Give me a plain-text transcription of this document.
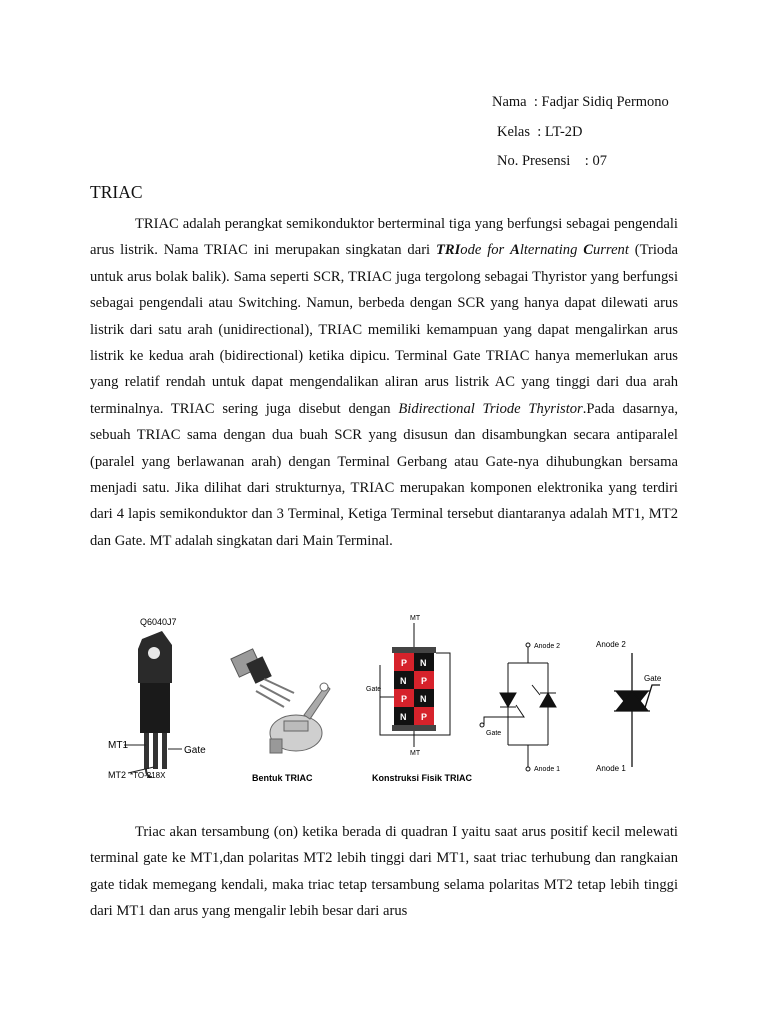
Nama  : Fadjar Sidiq Permono
Kelas  : LT-2D
No. Presensi    : 07
TRIAC
TRIAC adalah perangkat semikonduktor berterminal tiga yang berfungsi sebagai pengendali arus listrik. Nama TRIAC ini merupakan singkatan dari TRIode for Alternating Current (Trioda untuk arus bolak balik). Sama seperti SCR, TRIAC juga tergolong sebagai Thyristor yang berfungsi sebagai pengendali atau Switching. Namun, berbeda dengan SCR yang hanya dapat dilewati arus listrik dari satu arah (unidirectional), TRIAC memiliki kemampuan yang dapat mengalirkan arus listrik ke kedua arah (bidirectional) ketika dipicu. Terminal Gate TRIAC hanya memerlukan arus yang relatif rendah untuk dapat mengendalikan aliran arus listrik AC yang tinggi dari dua arah terminalnya. TRIAC sering juga disebut dengan Bidirectional Triode Thyristor.Pada dasarnya, sebuah TRIAC sama dengan dua buah SCR yang disusun dan disambungkan secara antiparalel (paralel yang berlawanan arah) dengan Terminal Gerbang atau Gate-nya dihubungkan bersama menjadi satu. Jika dilihat dari strukturnya, TRIAC merupakan komponen elektronika yang terdiri dari 4 lapis semikonduktor dan 3 Terminal, Ketiga Terminal tersebut diantaranya adalah MT1, MT2 dan Gate. MT adalah singkatan dari Main Terminal.
Q6040J7
MT1	Gate
MT2 *TO-218X	Bentuk TRIAC
MT
P N
N P
P N
N P
MT
Gate
Konstruksi Fisik TRIAC
Anode 2
Gate
Anode 1
Anode 2
Gate
Anode 1
Triac akan tersambung (on) ketika berada di quadran I yaitu saat arus positif kecil melewati terminal gate ke MT1,dan polaritas MT2 lebih tinggi dari MT1, saat triac terhubung dan rangkaian gate tidak memegang kendali, maka triac tetap tersambung selama polaritas MT2 tetap lebih tinggi dari MT1 dan arus yang mengalir lebih besar dari arus
